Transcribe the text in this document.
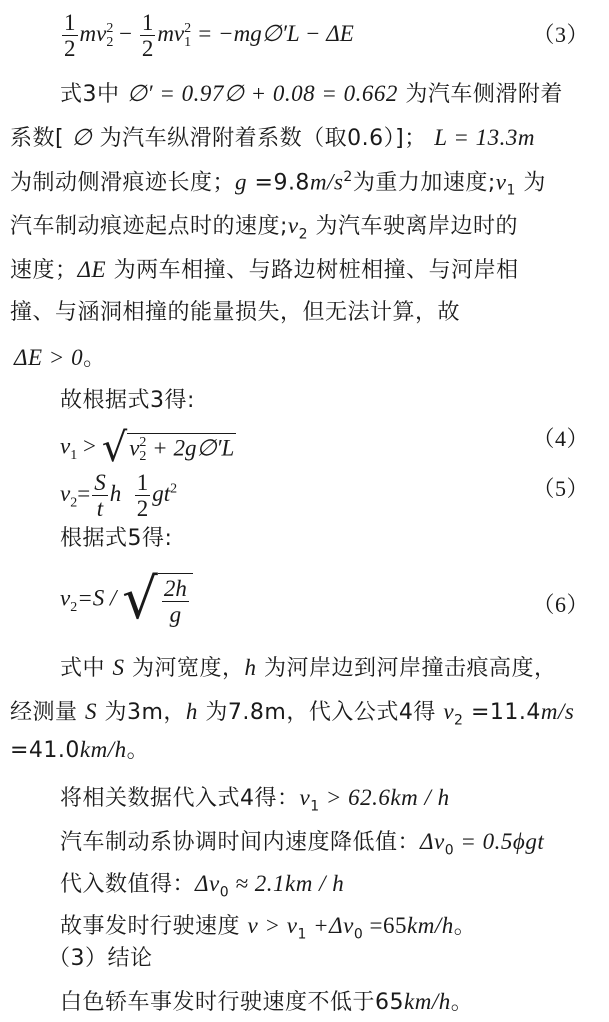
$\frac{1}{2}$ mv 2
$2 - \frac{1}{2}$ mv 2
1 = −mg∅′L − ΔE	（3）
式3中 ∅′ = 0.97∅ + 0.08 = 0.662 为汽车侧滑附着
系数[ ∅ 为汽车纵滑附着系数（取0.6）]； L = 13.3m
为制动侧滑痕迹长度；$g =9.8m/s^2$为重力加速度$;v_1$ 为
汽车制动痕迹起点时的速度$;v_2$ 为汽车驶离岸边时的
速度；ΔE 为两车相撞、与路边树桩相撞、与河岸相
撞、与涵洞相撞的能量损失，但无法计算，故
ΔE > 0。
故根据式3得:
$v_1 > √v$ 2
2 + 2g∅′L	（4）
$v_2= \frac{S}{t}$ h $\frac{1}{2} gt^2$	（5）
根据式5得:
$v_2=S$ / √ $\frac{2h}{g}$	（6）
式中 S 为河宽度，h 为河岸边到河岸撞击痕高度，
经测量 S 为3m，h 为7.8m，代入公式4得 $v_2 =11.4m/s$
=41.0km/h。
将相关数据代入式4得：$v_1 > 62.6km / h$
汽车制动系协调时间内速度降低值：$\Delta v_0 = 0.5\phi gt$
代入数值得：$\Delta v_0 \approx 2.1km / h$
故事发时行驶速度 $v > v_1 +\Delta v_0 =65km/h$。
（3）结论
白色轿车事发时行驶速度不低于65km/h。
